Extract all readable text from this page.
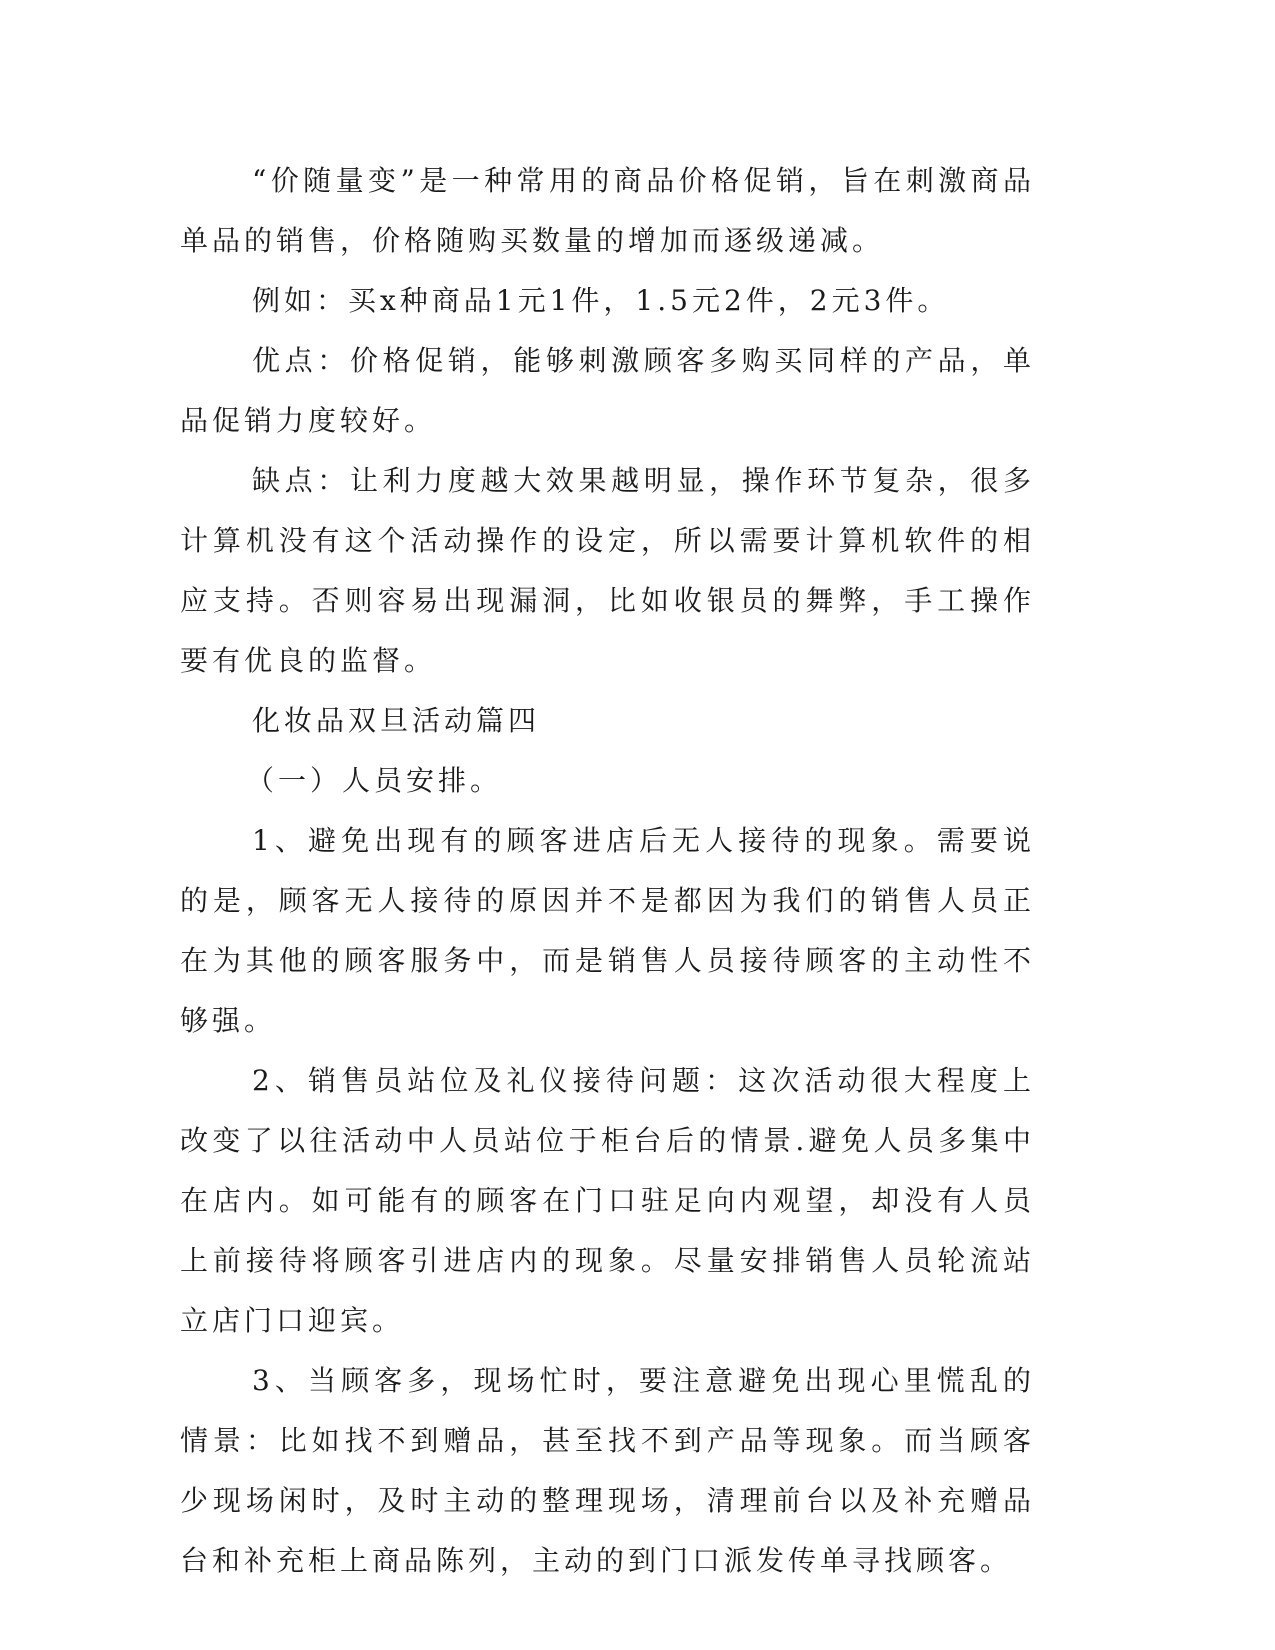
“价随量变”是一种常用的商品价格促销，旨在刺激商品单品的销售，价格随购买数量的增加而逐级递减。

例如：买x种商品1元1件，1.5元2件，2元3件。

优点：价格促销，能够刺激顾客多购买同样的产品，单品促销力度较好。

缺点：让利力度越大效果越明显，操作环节复杂，很多计算机没有这个活动操作的设定，所以需要计算机软件的相应支持。否则容易出现漏洞，比如收银员的舞弊，手工操作要有优良的监督。

化妆品双旦活动篇四

（一）人员安排。

1、避免出现有的顾客进店后无人接待的现象。需要说的是，顾客无人接待的原因并不是都因为我们的销售人员正在为其他的顾客服务中，而是销售人员接待顾客的主动性不够强。

2、销售员站位及礼仪接待问题：这次活动很大程度上改变了以往活动中人员站位于柜台后的情景.避免人员多集中在店内。如可能有的顾客在门口驻足向内观望，却没有人员上前接待将顾客引进店内的现象。尽量安排销售人员轮流站立店门口迎宾。

3、当顾客多，现场忙时，要注意避免出现心里慌乱的情景：比如找不到赠品，甚至找不到产品等现象。而当顾客少现场闲时，及时主动的整理现场，清理前台以及补充赠品台和补充柜上商品陈列，主动的到门口派发传单寻找顾客。
